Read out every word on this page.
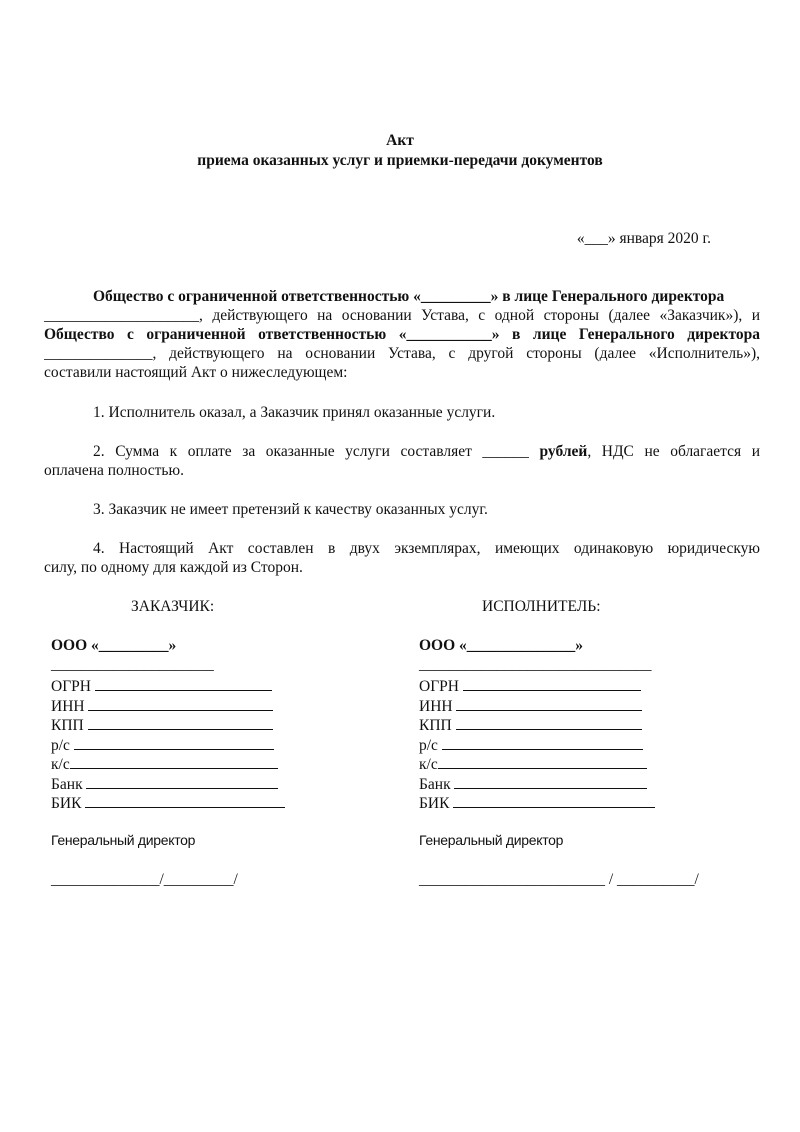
Акт
приема оказанных услуг и приемки-передачи документов
«___» января 2020 г.
Общество с ограниченной ответственностью «_________» в лице Генерального директора
____________________, действующего на основании Устава, с одной стороны (далее «Заказчик»), и
Общество с ограниченной ответственностью «___________» в лице Генерального директора
______________, действующего на основании Устава, с другой стороны (далее «Исполнитель»),
составили настоящий Акт о нижеследующем:
1. Исполнитель оказал, а Заказчик принял оказанные услуги.
2. Сумма к оплате за оказанные услуги составляет ______ рублей, НДС не облагается и
оплачена полностью.
3. Заказчик не имеет претензий к качеству оказанных услуг.
4. Настоящий Акт составлен в двух экземплярах, имеющих одинаковую юридическую
силу, по одному для каждой из Сторон.
ЗАКАЗЧИК:
ООО «_________»
_____________________
ОГРН
ИНН
КПП
р/с
к/с
Банк
БИК
Генеральный директор
______________/_________/
ИСПОЛНИТЕЛЬ:
ООО «______________»
______________________________
ОГРН
ИНН
КПП
р/с
к/с
Банк
БИК
Генеральный директор
________________________ / __________/
